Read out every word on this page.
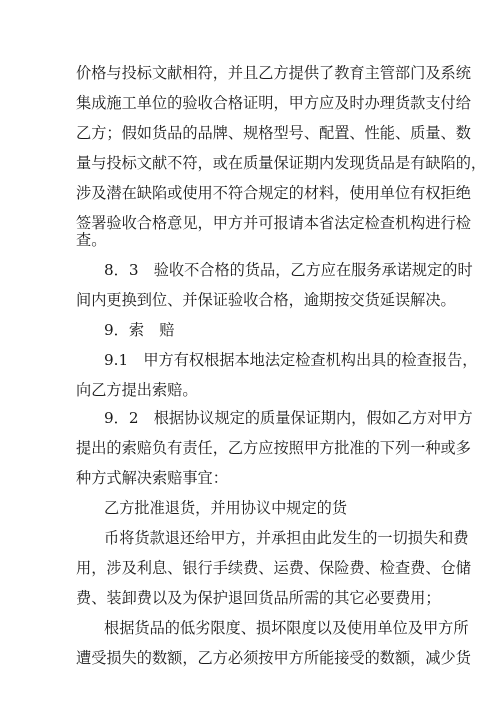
价格与投标文献相符，并且乙方提供了教育主管部门及系统
集成施工单位的验收合格证明，甲方应及时办理货款支付给
乙方；假如货品的品牌、规格型号、配置、性能、质量、数
量与投标文献不符，或在质量保证期内发现货品是有缺陷的，
涉及潜在缺陷或使用不符合规定的材料，使用单位有权拒绝
签署验收合格意见，甲方并可报请本省法定检查机构进行检
查。
8．3　验收不合格的货品，乙方应在服务承诺规定的时
间内更换到位、并保证验收合格，逾期按交货延误解决。
9．索　赔
9.1　甲方有权根据本地法定检查机构出具的检查报告，
向乙方提出索赔。
9．2　根据协议规定的质量保证期内，假如乙方对甲方
提出的索赔负有责任，乙方应按照甲方批准的下列一种或多
种方式解决索赔事宜：
乙方批准退货，并用协议中规定的货
币将货款退还给甲方，并承担由此发生的一切损失和费
用，涉及利息、银行手续费、运费、保险费、检查费、仓储
费、装卸费以及为保护退回货品所需的其它必要费用；
根据货品的低劣限度、损坏限度以及使用单位及甲方所
遭受损失的数额，乙方必须按甲方所能接受的数额，减少货
